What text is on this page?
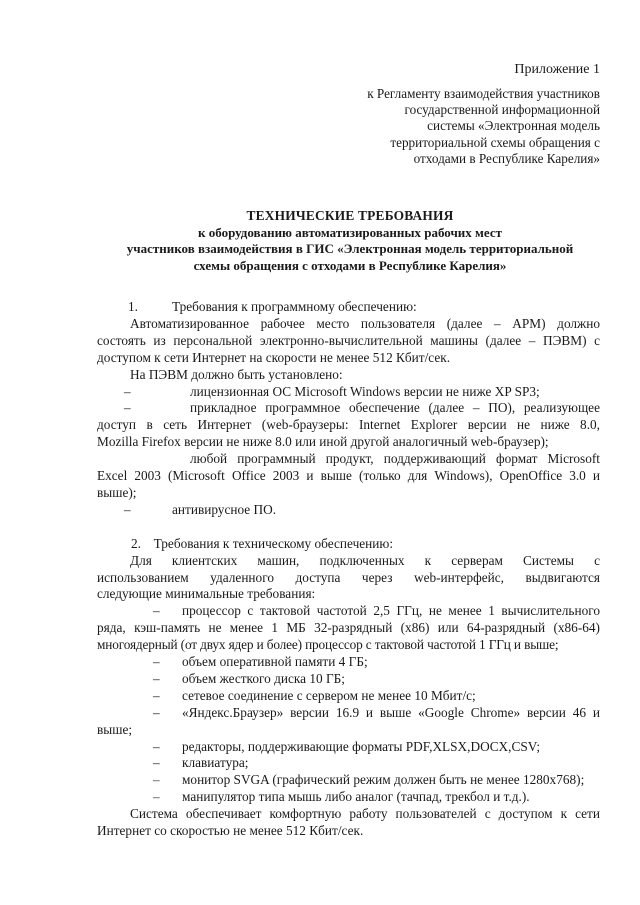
Приложение 1
к Регламенту взаимодействия участников
государственной информационной
системы «Электронная модель
территориальной схемы обращения с
отходами в Республике Карелия»
ТЕХНИЧЕСКИЕ ТРЕБОВАНИЯ
к оборудованию автоматизированных рабочих мест
участников взаимодействия в ГИС «Электронная модель территориальной
схемы обращения с отходами в Республике Карелия»
1.	Требования к программному обеспечению:
Автоматизированное рабочее место пользователя (далее – АРМ) должно
состоять из персональной электронно-вычислительной машины (далее – ПЭВМ) с
доступом к сети Интернет на скорости не менее 512 Кбит/сек.
На ПЭВМ должно быть установлено:
–	лицензионная ОС Microsoft Windows версии не ниже XP SP3;
–	прикладное программное обеспечение (далее – ПО), реализующее
доступ в сеть Интернет (web-браузеры: Internet Explorer версии не ниже 8.0,
Mozilla Firefox версии не ниже 8.0 или иной другой аналогичный web-браузер);
любой программный продукт, поддерживающий формат Microsoft
Excel 2003 (Microsoft Office 2003 и выше (только для Windows), OpenOffice 3.0 и
выше);
–	антивирусное ПО.
2. Требования к техническому обеспечению:
Для клиентских машин, подключенных к серверам Системы с
использованием удаленного доступа через web-интерфейс, выдвигаются
следующие минимальные требования:
–	процессор с тактовой частотой 2,5 ГГц, не менее 1 вычислительного
ряда, кэш-память не менее 1 МБ 32-разрядный (x86) или 64-разрядный (x86-64)
многоядерный (от двух ядер и более) процессор с тактовой частотой 1 ГГц и выше;
–	объем оперативной памяти 4 ГБ;
–	объем жесткого диска 10 ГБ;
–	сетевое соединение с сервером не менее 10 Мбит/с;
–	«Яндекс.Браузер» версии 16.9 и выше «Google Chrome» версии 46 и
выше;
–	редакторы, поддерживающие форматы PDF,XLSX,DOCX,CSV;
–	клавиатура;
–	монитор SVGA (графический режим должен быть не менее 1280x768);
–	манипулятор типа мышь либо аналог (тачпад, трекбол и т.д.).
Система обеспечивает комфортную работу пользователей с доступом к сети
Интернет со скоростью не менее 512 Кбит/сек.
